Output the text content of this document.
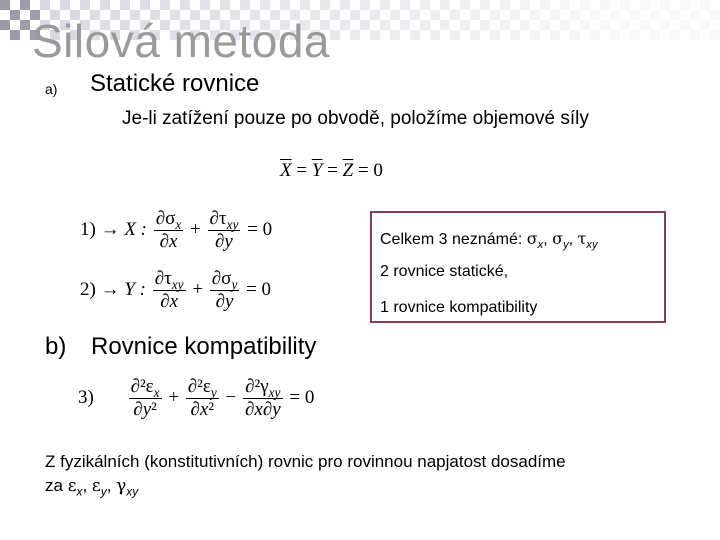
Silová metoda
a) Statické rovnice
Je-li zatížení pouze po obvodě, položíme objemové síly
$\overline{X} = \overline{Y} = \overline{Z} = 0$
1) → X : $\frac{\partial\sigma_x}{\partial x} + \frac{\partial\tau_{xy}}{\partial y} = 0$
2) → Y : $\frac{\partial\tau_{xy}}{\partial x} + \frac{\partial\sigma_y}{\partial y} = 0$
Celkem 3 neznámé: $\sigma_x$, $\sigma_y$, $\tau_{xy}$
2 rovnice statické,
1 rovnice kompatibility
b) Rovnice kompatibility
$3) \frac{\partial^2\varepsilon_x}{\text{∂y²}} + \frac{\partial^2\varepsilon_y}{\text{∂x²}} - \frac{\partial^2\gamma_{xy}}{\partial x\partial y} = 0$
Z fyzikálních (konstitutivních) rovnic pro rovinnou napjatost dosadíme
za $\varepsilon_x$, $\varepsilon_y$, $\gamma_{xy}$
